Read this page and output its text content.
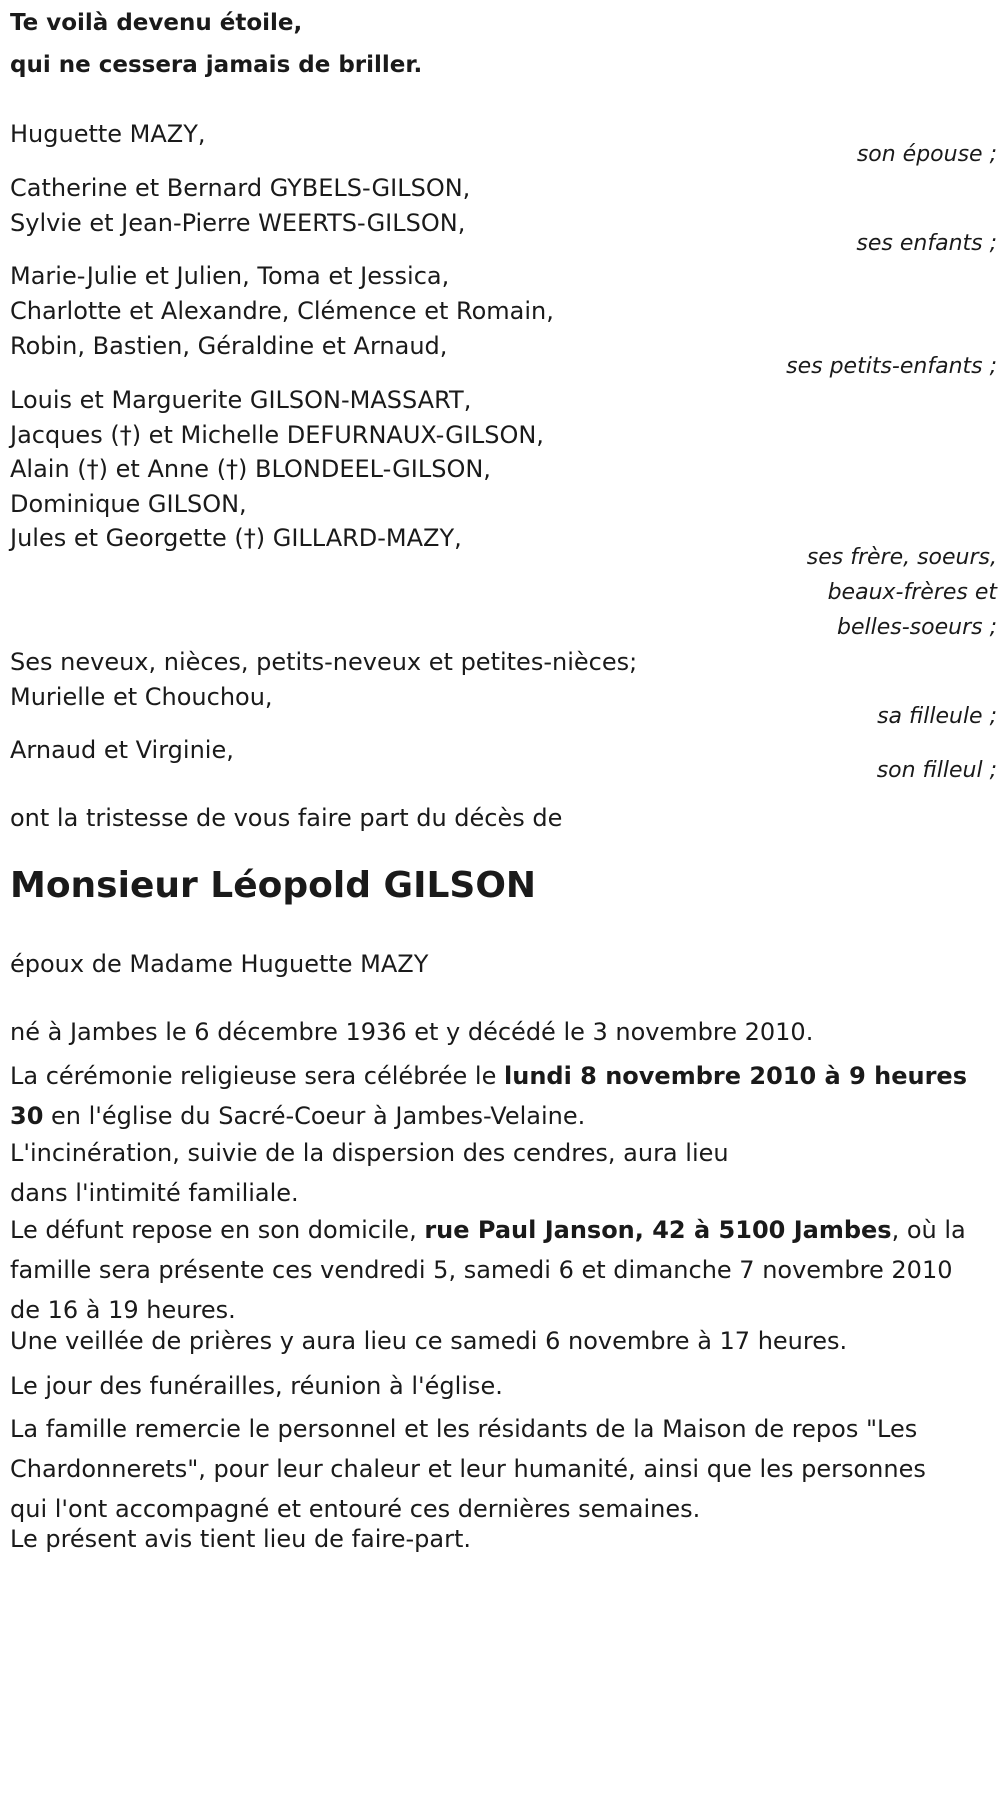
Te voilà devenu étoile,
qui ne cessera jamais de briller.
Huguette MAZY,
son épouse ;
Catherine et Bernard GYBELS-GILSON,
Sylvie et Jean-Pierre WEERTS-GILSON,
ses enfants ;
Marie-Julie et Julien, Toma et Jessica,
Charlotte et Alexandre, Clémence et Romain,
Robin, Bastien, Géraldine et Arnaud,
ses petits-enfants ;
Louis et Marguerite GILSON-MASSART,
Jacques (†) et Michelle DEFURNAUX-GILSON,
Alain (†) et Anne (†) BLONDEEL-GILSON,
Dominique GILSON,
Jules et Georgette (†) GILLARD-MAZY,
ses frère, soeurs,
beaux-frères et
belles-soeurs ;
Ses neveux, nièces, petits-neveux et petites-nièces;
Murielle et Chouchou,
sa filleule ;
Arnaud et Virginie,
son filleul ;
ont la tristesse de vous faire part du décès de
Monsieur Léopold GILSON
époux de Madame Huguette MAZY
né à Jambes le 6 décembre 1936 et y décédé le 3 novembre 2010.
La cérémonie religieuse sera célébrée le lundi 8 novembre 2010 à 9 heures 30 en l'église du Sacré-Coeur à Jambes-Velaine.
L'incinération, suivie de la dispersion des cendres, aura lieu dans l'intimité familiale.
Le défunt repose en son domicile, rue Paul Janson, 42 à 5100 Jambes, où la famille sera présente ces vendredi 5, samedi 6 et dimanche 7 novembre 2010 de 16 à 19 heures.
Une veillée de prières y aura lieu ce samedi 6 novembre à 17 heures.
Le jour des funérailles, réunion à l'église.
La famille remercie le personnel et les résidants de la Maison de repos "Les Chardonnerets", pour leur chaleur et leur humanité, ainsi que les personnes qui l'ont accompagné et entouré ces dernières semaines.
Le présent avis tient lieu de faire-part.
